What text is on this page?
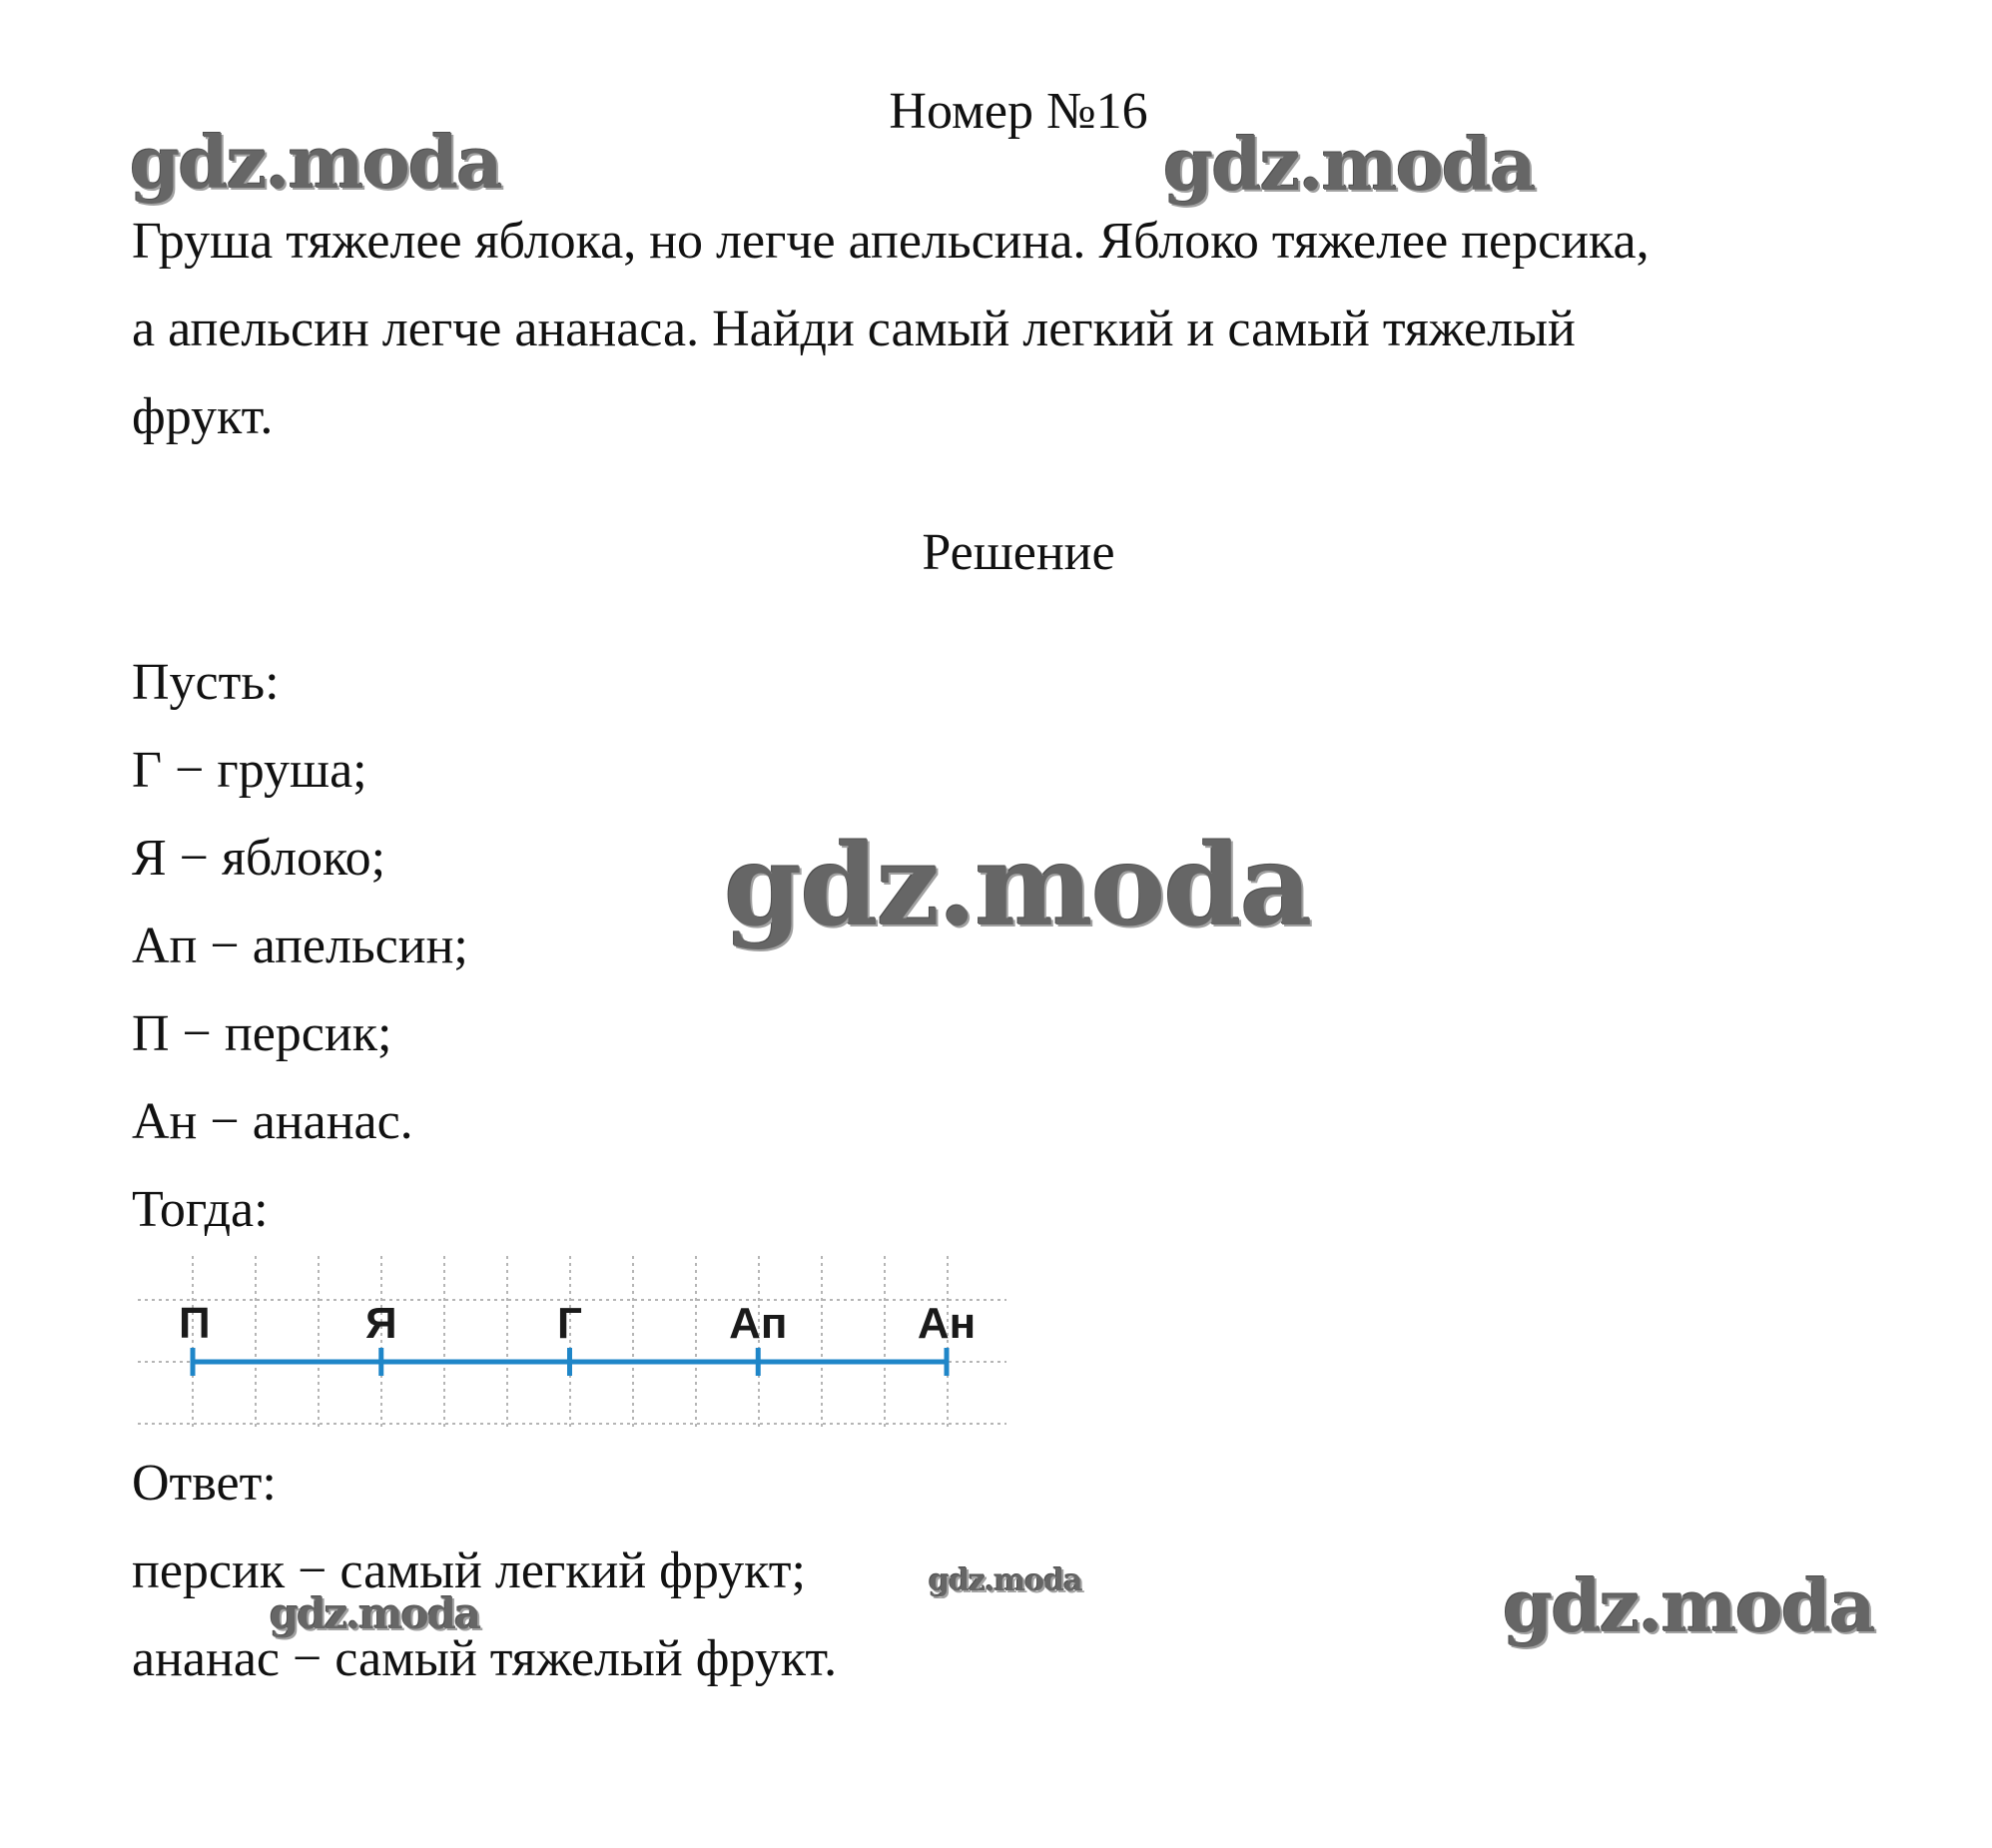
gdz.moda	gdz.moda
gdz.moda
gdz.moda
gdz.moda	gdz.moda
Номер №16
Груша тяжелее яблока, но легче апельсина. Яблоко тяжелее персика,
а апельсин легче ананаса. Найди самый легкий и самый тяжелый
фрукт.
Решение
Пусть:
Г − груша;
Я − яблоко;
Ап − апельсин;
П − персик;
Ан − ананас.
Тогда:
П	Я	Г	Ап	Ан
Ответ:
персик − самый легкий фрукт;
ананас − самый тяжелый фрукт.
